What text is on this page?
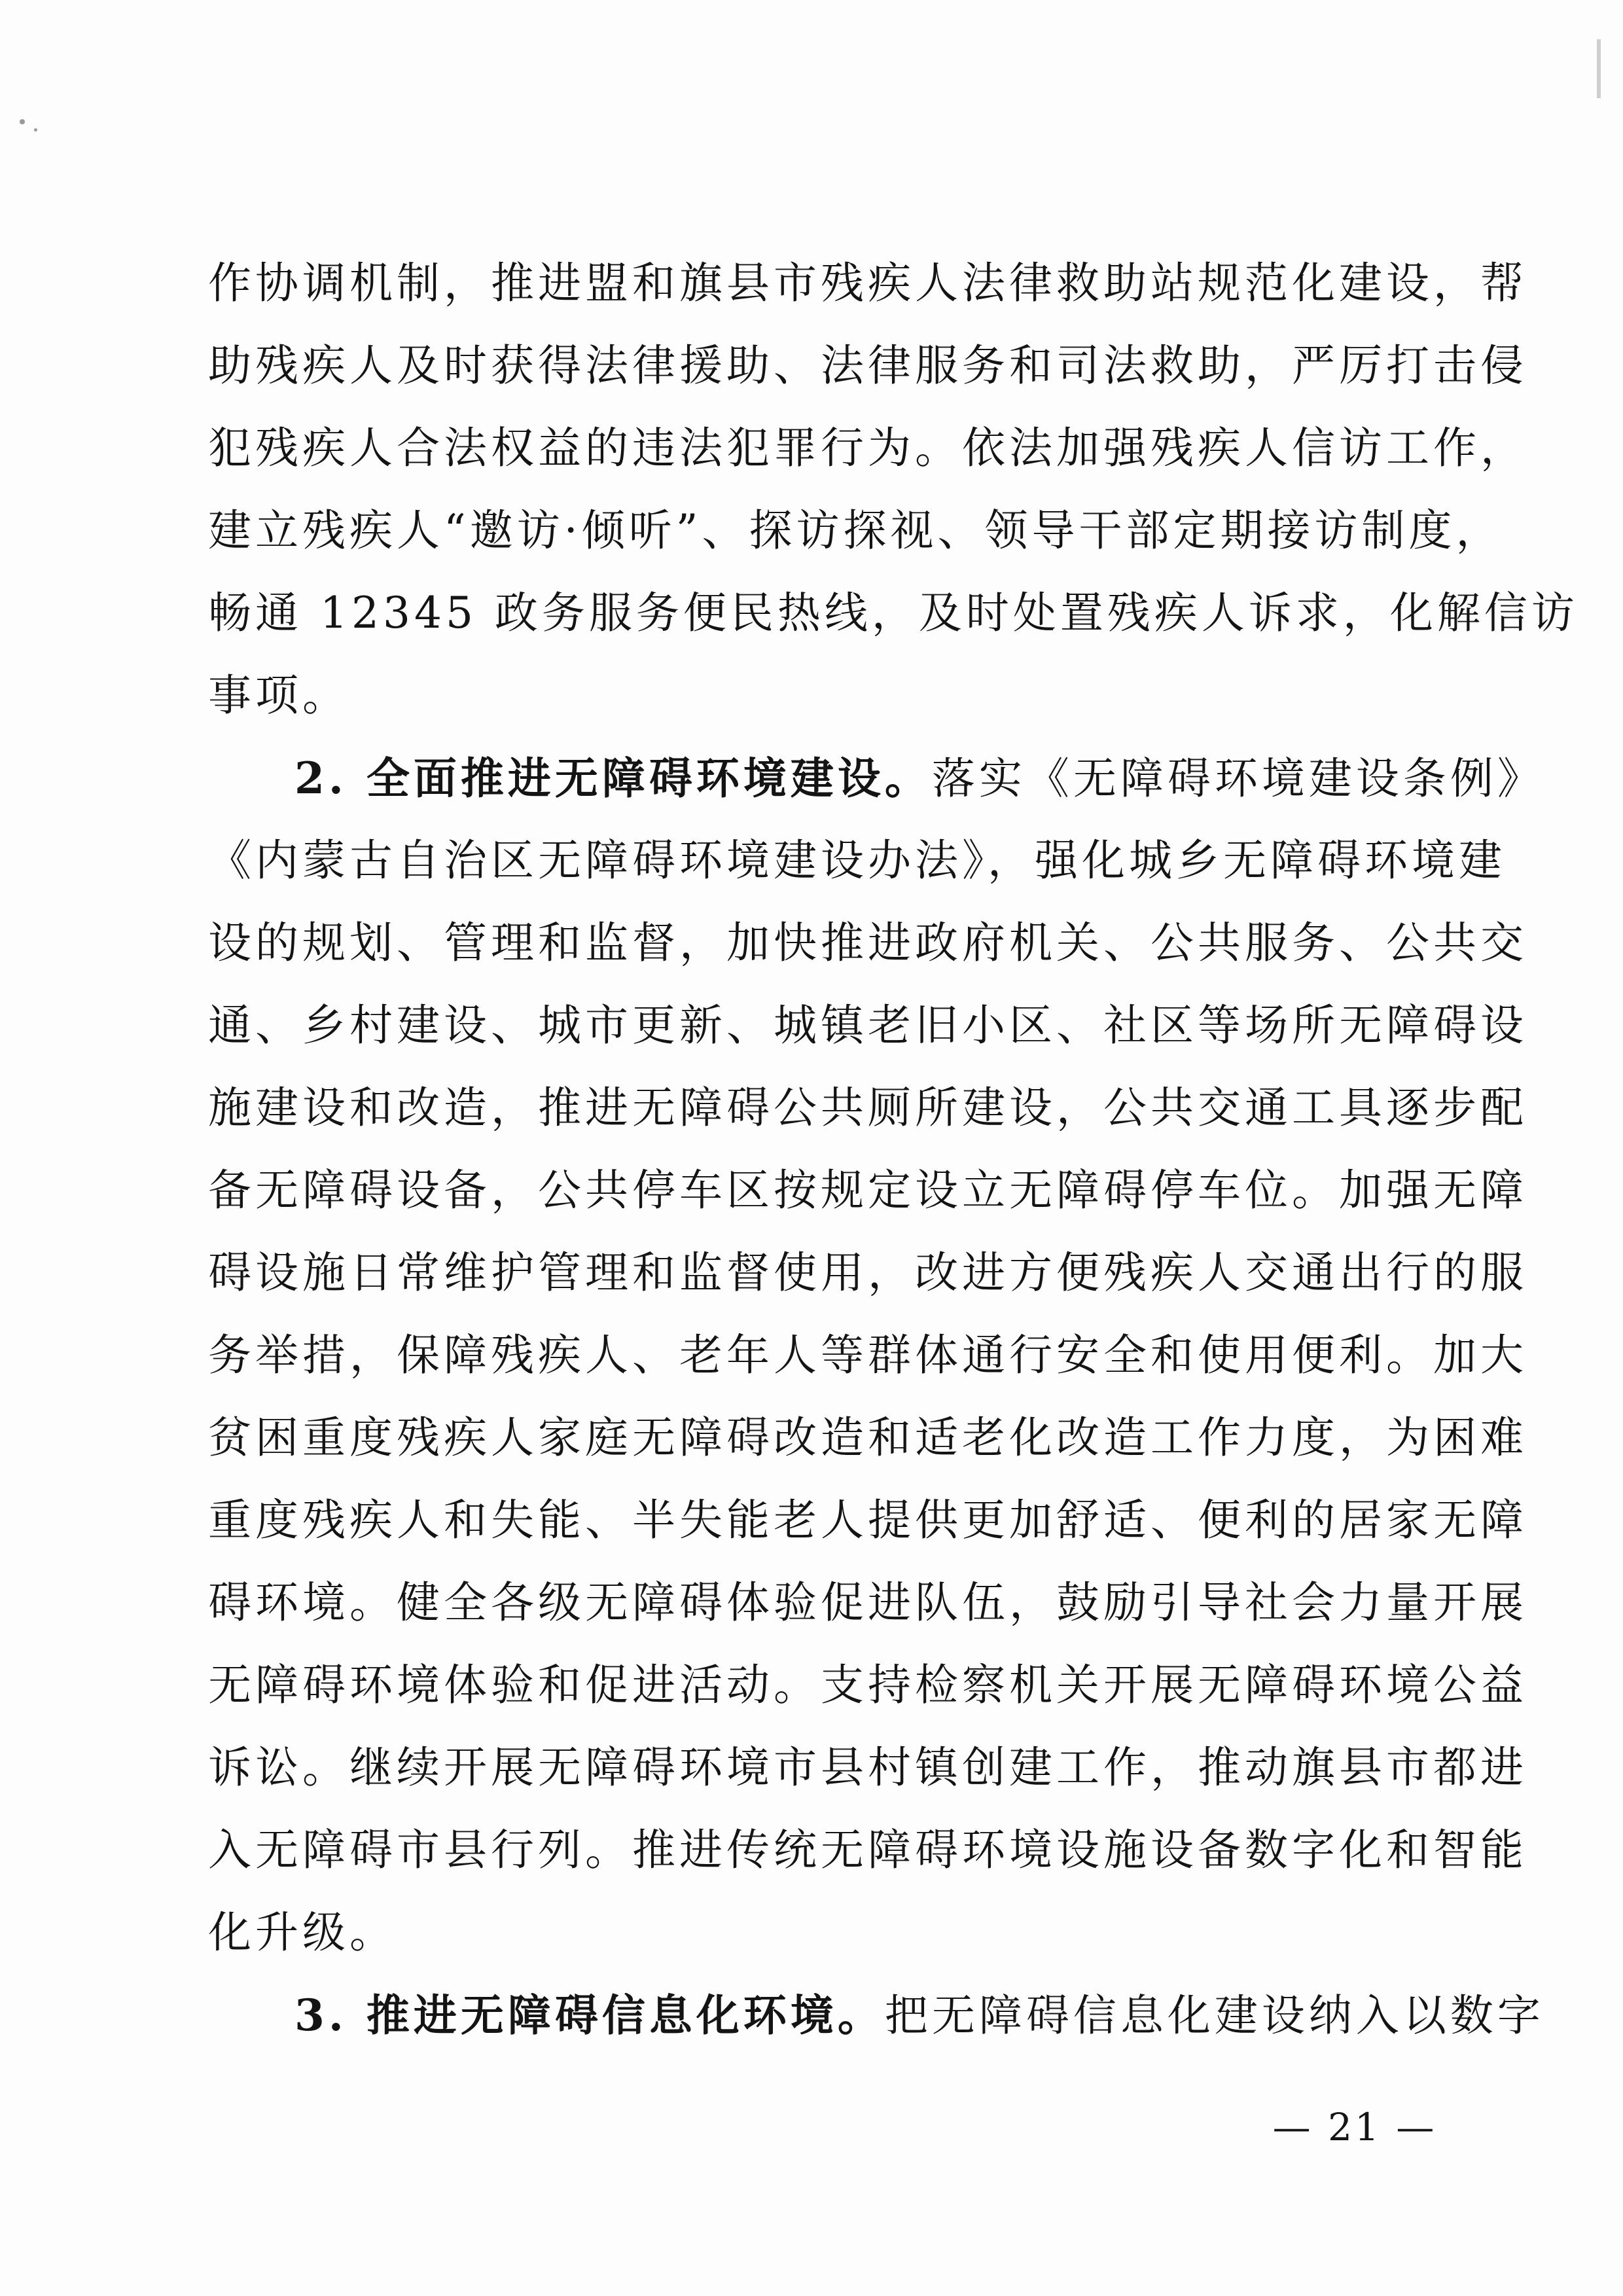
作协调机制，推进盟和旗县市残疾人法律救助站规范化建设，帮
助残疾人及时获得法律援助、法律服务和司法救助，严厉打击侵
犯残疾人合法权益的违法犯罪行为。依法加强残疾人信访工作，
建立残疾人“邀访·倾听”、探访探视、领导干部定期接访制度，
畅通 12345 政务服务便民热线，及时处置残疾人诉求，化解信访
事项。
2. 全面推进无障碍环境建设。落实《无障碍环境建设条例》
《内蒙古自治区无障碍环境建设办法》，强化城乡无障碍环境建
设的规划、管理和监督，加快推进政府机关、公共服务、公共交
通、乡村建设、城市更新、城镇老旧小区、社区等场所无障碍设
施建设和改造，推进无障碍公共厕所建设，公共交通工具逐步配
备无障碍设备，公共停车区按规定设立无障碍停车位。加强无障
碍设施日常维护管理和监督使用，改进方便残疾人交通出行的服
务举措，保障残疾人、老年人等群体通行安全和使用便利。加大
贫困重度残疾人家庭无障碍改造和适老化改造工作力度，为困难
重度残疾人和失能、半失能老人提供更加舒适、便利的居家无障
碍环境。健全各级无障碍体验促进队伍，鼓励引导社会力量开展
无障碍环境体验和促进活动。支持检察机关开展无障碍环境公益
诉讼。继续开展无障碍环境市县村镇创建工作，推动旗县市都进
入无障碍市县行列。推进传统无障碍环境设施设备数字化和智能
化升级。
3. 推进无障碍信息化环境。把无障碍信息化建设纳入以数字
— 21 —
